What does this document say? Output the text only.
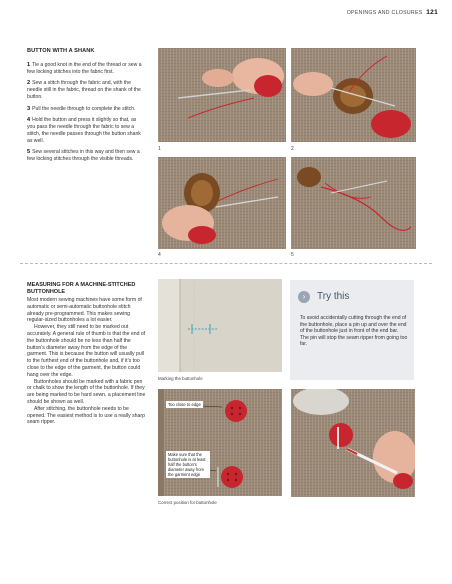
OPENINGS AND CLOSURES 121
BUTTON WITH A SHANK
1 Tie a good knot in the end of the thread or sew a few locking stitches into the fabric first.
2 Sew a stitch through the fabric and, with the needle still in the fabric, thread on the shank of the button.
3 Pull the needle through to complete the stitch.
4 Hold the button and press it slightly so that, as you pass the needle through the fabric to sew a stitch, the needle passes through the button shank as well.
5 Sew several stitches in this way and then sew a few locking stitches through the visible threads.
1	2
4	5
MEASURING FOR A MACHINE-STITCHED BUTTONHOLE

Most modern sewing machines have some form of automatic or semi-automatic buttonhole stitch already pre-programmed. This makes sewing regular-sized buttonholes a lot easier.

However, they still need to be marked out accurately. A general rule of thumb is that the end of the buttonhole should be no less than half the button's diameter away from the edge of the garment. This is because the button will usually pull to the furthest end of the buttonhole and, if it's too close to the edge of the garment, the button could hang over the edge.

Buttonholes should be marked with a fabric pen or chalk to show the length of the buttonhole. If they are being marked to be hard sewn, a placement line should be shown as well.

After stitching, the buttonhole needs to be opened. The easiest method is to use a really sharp seam ripper.

Marking the buttonhole
Too close to edge
Make sure that the buttonhole is at least half the button's diameter away from the garment edge
Correct position for buttonhole
›	Try this
To avoid accidentally cutting through the end of the buttonhole, place a pin up and over the end of the buttonhole just in front of the end bar. The pin will stop the seam ripper from going too far.
